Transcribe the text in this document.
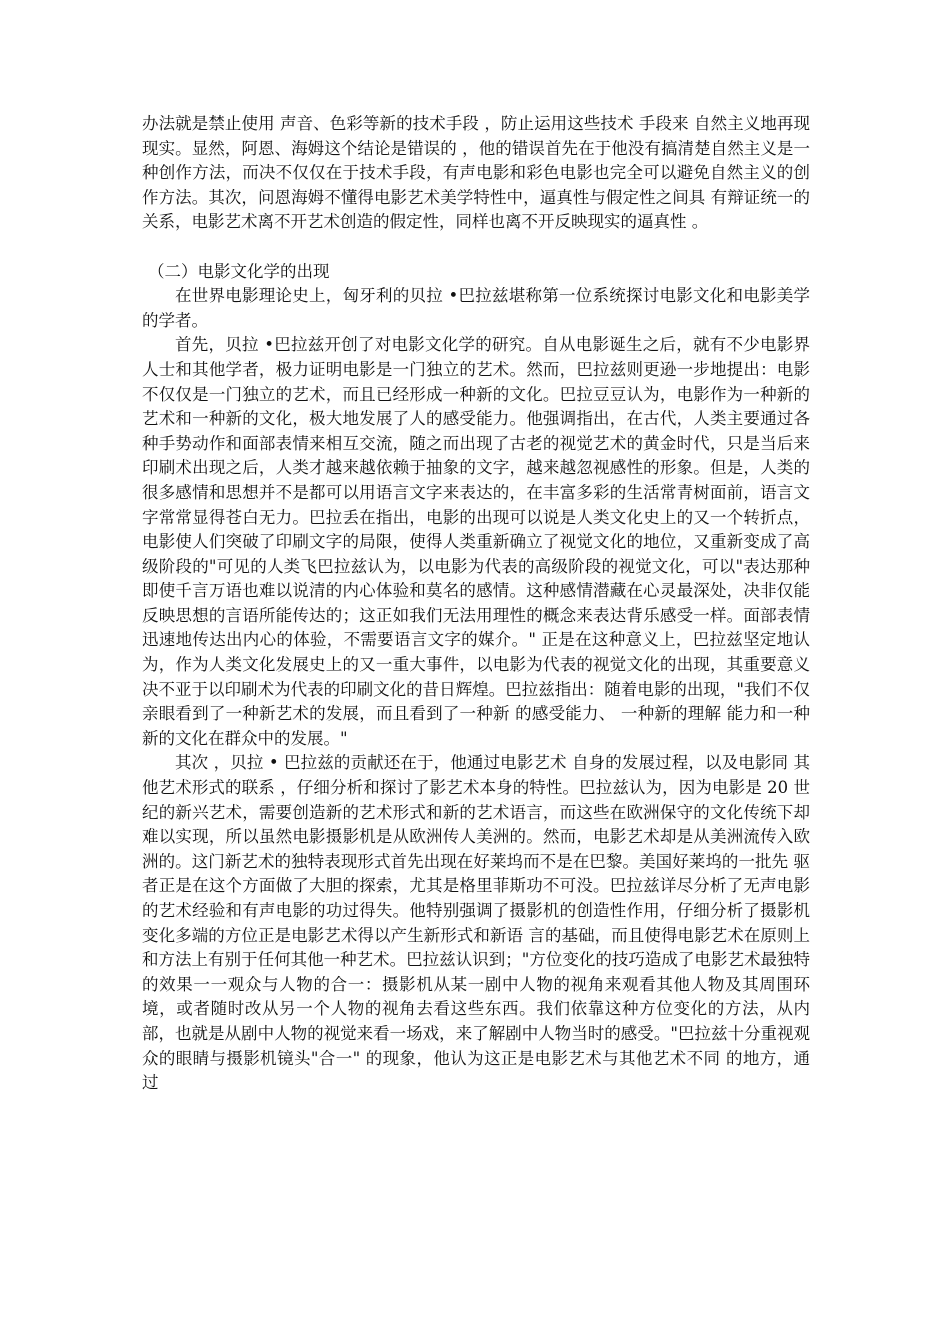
办法就是禁止使用 声音、色彩等新的技术手段 ，防止运用这些技术 手段来 自然主义地再现现实。显然，阿恩、海姆这个结论是错误的 ，他的错误首先在于他没有搞清楚自然主义是一种创作方法，而决不仅仅在于技术手段，有声电影和彩色电影也完全可以避免自然主义的创作方法。其次，问恩海姆不懂得电影艺术美学特性中，逼真性与假定性之间具 有辩证统一的关系，电影艺术离不开艺术创造的假定性，同样也离不开反映现实的逼真性 。

（二）电影文化学的出现

在世界电影理论史上，匈牙利的贝拉 •巴拉兹堪称第一位系统探讨电影文化和电影美学的学者。

首先，贝拉 •巴拉兹开创了对电影文化学的研究。自从电影诞生之后，就有不少电影界人士和其他学者，极力证明电影是一门独立的艺术。然而，巴拉兹则更逊一步地提出：电影不仅仅是一门独立的艺术，而且已经形成一种新的文化。巴拉豆豆认为，电影作为一种新的艺术和一种新的文化，极大地发展了人的感受能力。他强调指出，在古代，人类主要通过各种手势动作和面部表情来相互交流，随之而出现了古老的视觉艺术的黄金时代，只是当后来印刷术出现之后，人类才越来越依赖于抽象的文字，越来越忽视感性的形象。但是，人类的很多感情和思想并不是都可以用语言文字来表达的，在丰富多彩的生活常青树面前，语言文字常常显得苍白无力。巴拉丢在指出，电影的出现可以说是人类文化史上的又一个转折点，电影使人们突破了印刷文字的局限，使得人类重新确立了视觉文化的地位，又重新变成了高级阶段的"可见的人类飞巴拉兹认为，以电影为代表的高级阶段的视觉文化，可以"表达那种即使千言万语也难以说清的内心体验和莫名的感情。这种感情潜藏在心灵最深处，决非仅能反映思想的言语所能传达的；这正如我们无法用理性的概念来表达背乐感受一样。面部表情迅速地传达出内心的体验，不需要语言文字的媒介。" 正是在这种意义上，巴拉兹坚定地认为，作为人类文化发展史上的又一重大事件，以电影为代表的视觉文化的出现，其重要意义决不亚于以印刷术为代表的印刷文化的昔日辉煌。巴拉兹指出：随着电影的出现，"我们不仅亲眼看到了一种新艺术的发展，而且看到了一种新 的感受能力、 一种新的理解 能力和一种新的文化在群众中的发展。"

其次 ，贝拉 • 巴拉兹的贡献还在于，他通过电影艺术 自身的发展过程，以及电影同 其他艺术形式的联系 ，仔细分析和探讨了影艺术本身的特性。巴拉兹认为，因为电影是 20 世纪的新兴艺术，需要创造新的艺术形式和新的艺术语言，而这些在欧洲保守的文化传统下却难以实现，所以虽然电影摄影机是从欧洲传人美洲的。然而，电影艺术却是从美洲流传入欧洲的。这门新艺术的独特表现形式首先出现在好莱坞而不是在巴黎。美国好莱坞的一批先 驱者正是在这个方面做了大胆的探索，尤其是格里菲斯功不可没。巴拉兹详尽分析了无声电影的艺术经验和有声电影的功过得失。他特别强调了摄影机的创造性作用，仔细分析了摄影机变化多端的方位正是电影艺术得以产生新形式和新语 言的基础，而且使得电影艺术在原则上和方法上有别于任何其他一种艺术。巴拉兹认识到；"方位变化的技巧造成了电影艺术最独特的效果一一观众与人物的合一：摄影机从某一剧中人物的视角来观看其他人物及其周围环境，或者随时改从另一个人物的视角去看这些东西。我们依靠这种方位变化的方法，从内部，也就是从剧中人物的视觉来看一场戏，来了解剧中人物当时的感受。"巴拉兹十分重视观众的眼睛与摄影机镜头"合一" 的现象，他认为这正是电影艺术与其他艺术不同 的地方，通过
